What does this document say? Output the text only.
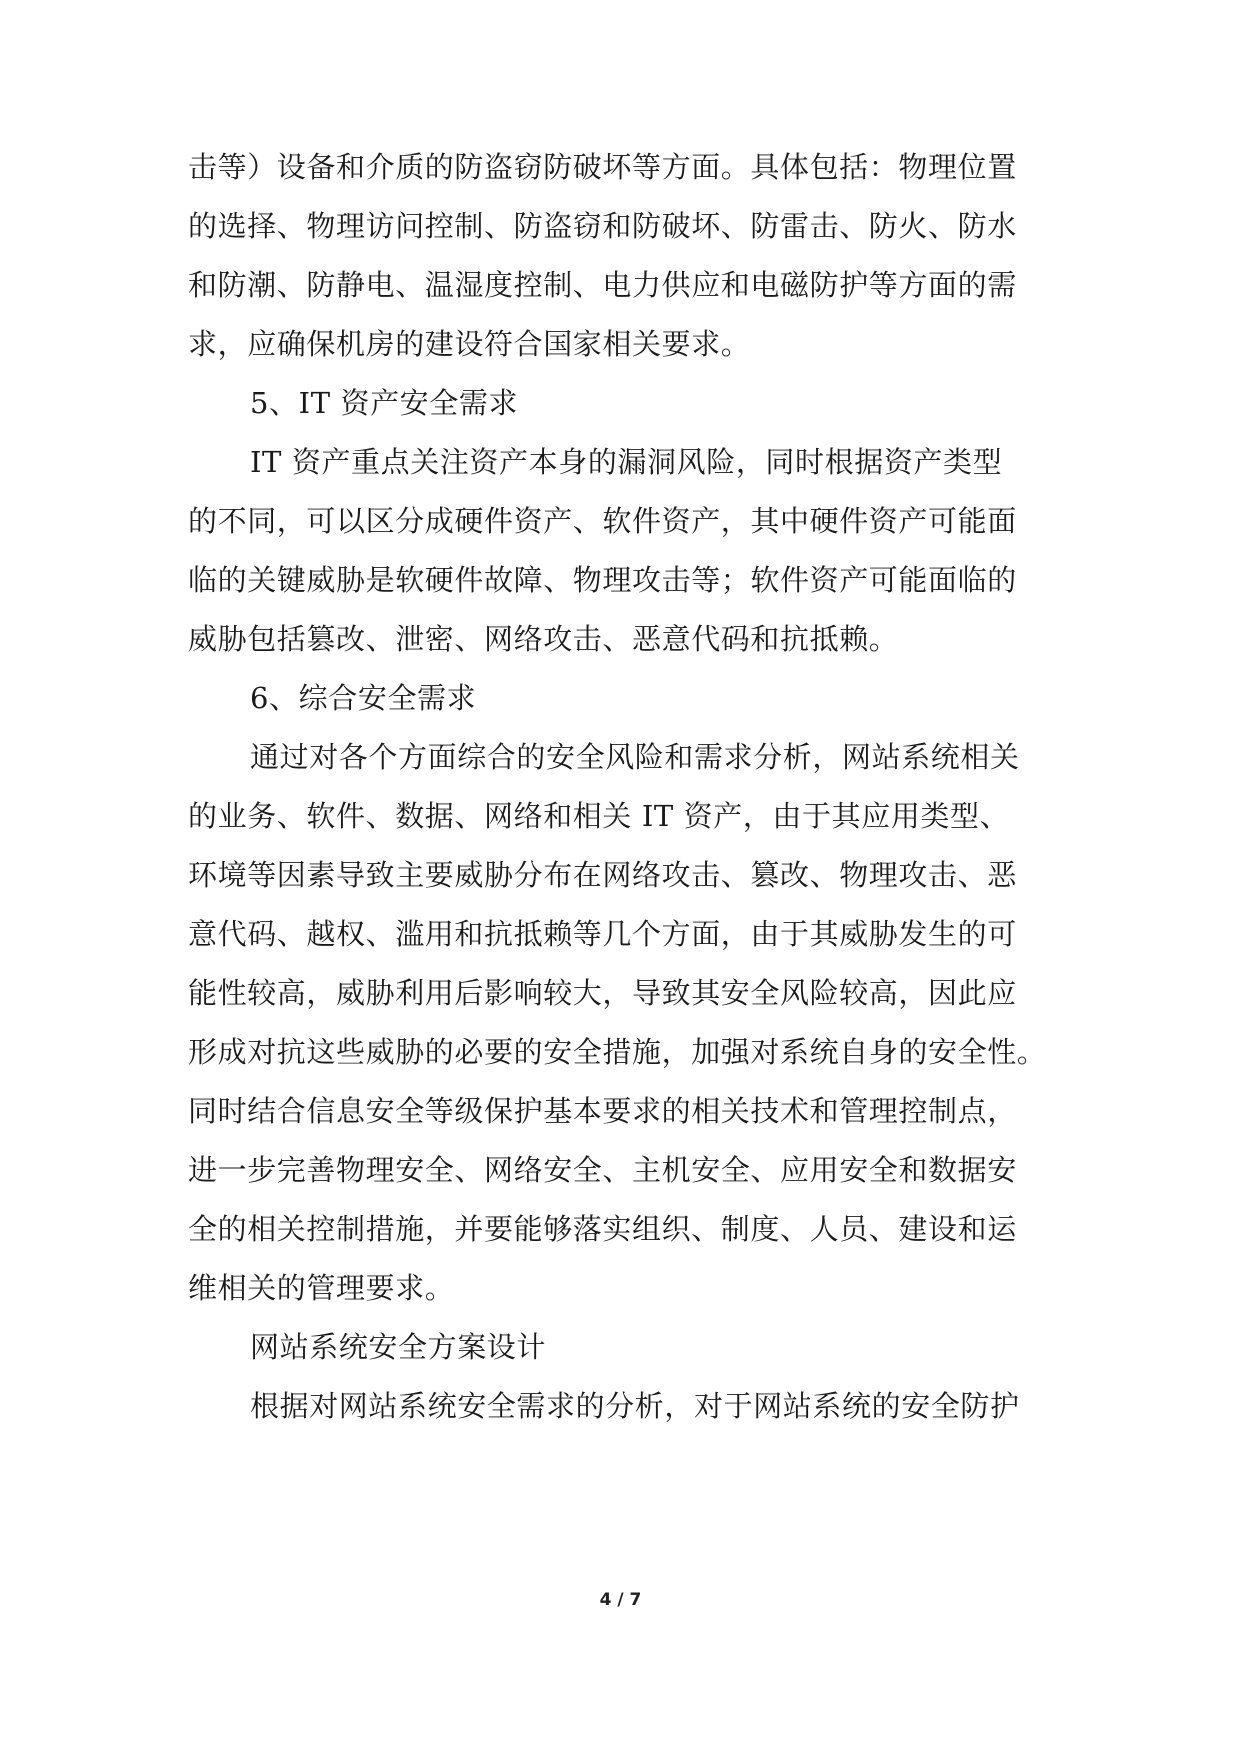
击等）设备和介质的防盗窃防破坏等方面。具体包括：物理位置
的选择、物理访问控制、防盗窃和防破坏、防雷击、防火、防水
和防潮、防静电、温湿度控制、电力供应和电磁防护等方面的需
求，应确保机房的建设符合国家相关要求。
5、IT 资产安全需求
IT 资产重点关注资产本身的漏洞风险，同时根据资产类型
的不同，可以区分成硬件资产、软件资产，其中硬件资产可能面
临的关键威胁是软硬件故障、物理攻击等；软件资产可能面临的
威胁包括篡改、泄密、网络攻击、恶意代码和抗抵赖。
6、综合安全需求
通过对各个方面综合的安全风险和需求分析，网站系统相关
的业务、软件、数据、网络和相关 IT 资产，由于其应用类型、
环境等因素导致主要威胁分布在网络攻击、篡改、物理攻击、恶
意代码、越权、滥用和抗抵赖等几个方面，由于其威胁发生的可
能性较高，威胁利用后影响较大，导致其安全风险较高，因此应
形成对抗这些威胁的必要的安全措施，加强对系统自身的安全性。
同时结合信息安全等级保护基本要求的相关技术和管理控制点，
进一步完善物理安全、网络安全、主机安全、应用安全和数据安
全的相关控制措施，并要能够落实组织、制度、人员、建设和运
维相关的管理要求。
网站系统安全方案设计
根据对网站系统安全需求的分析，对于网站系统的安全防护
4 / 7
